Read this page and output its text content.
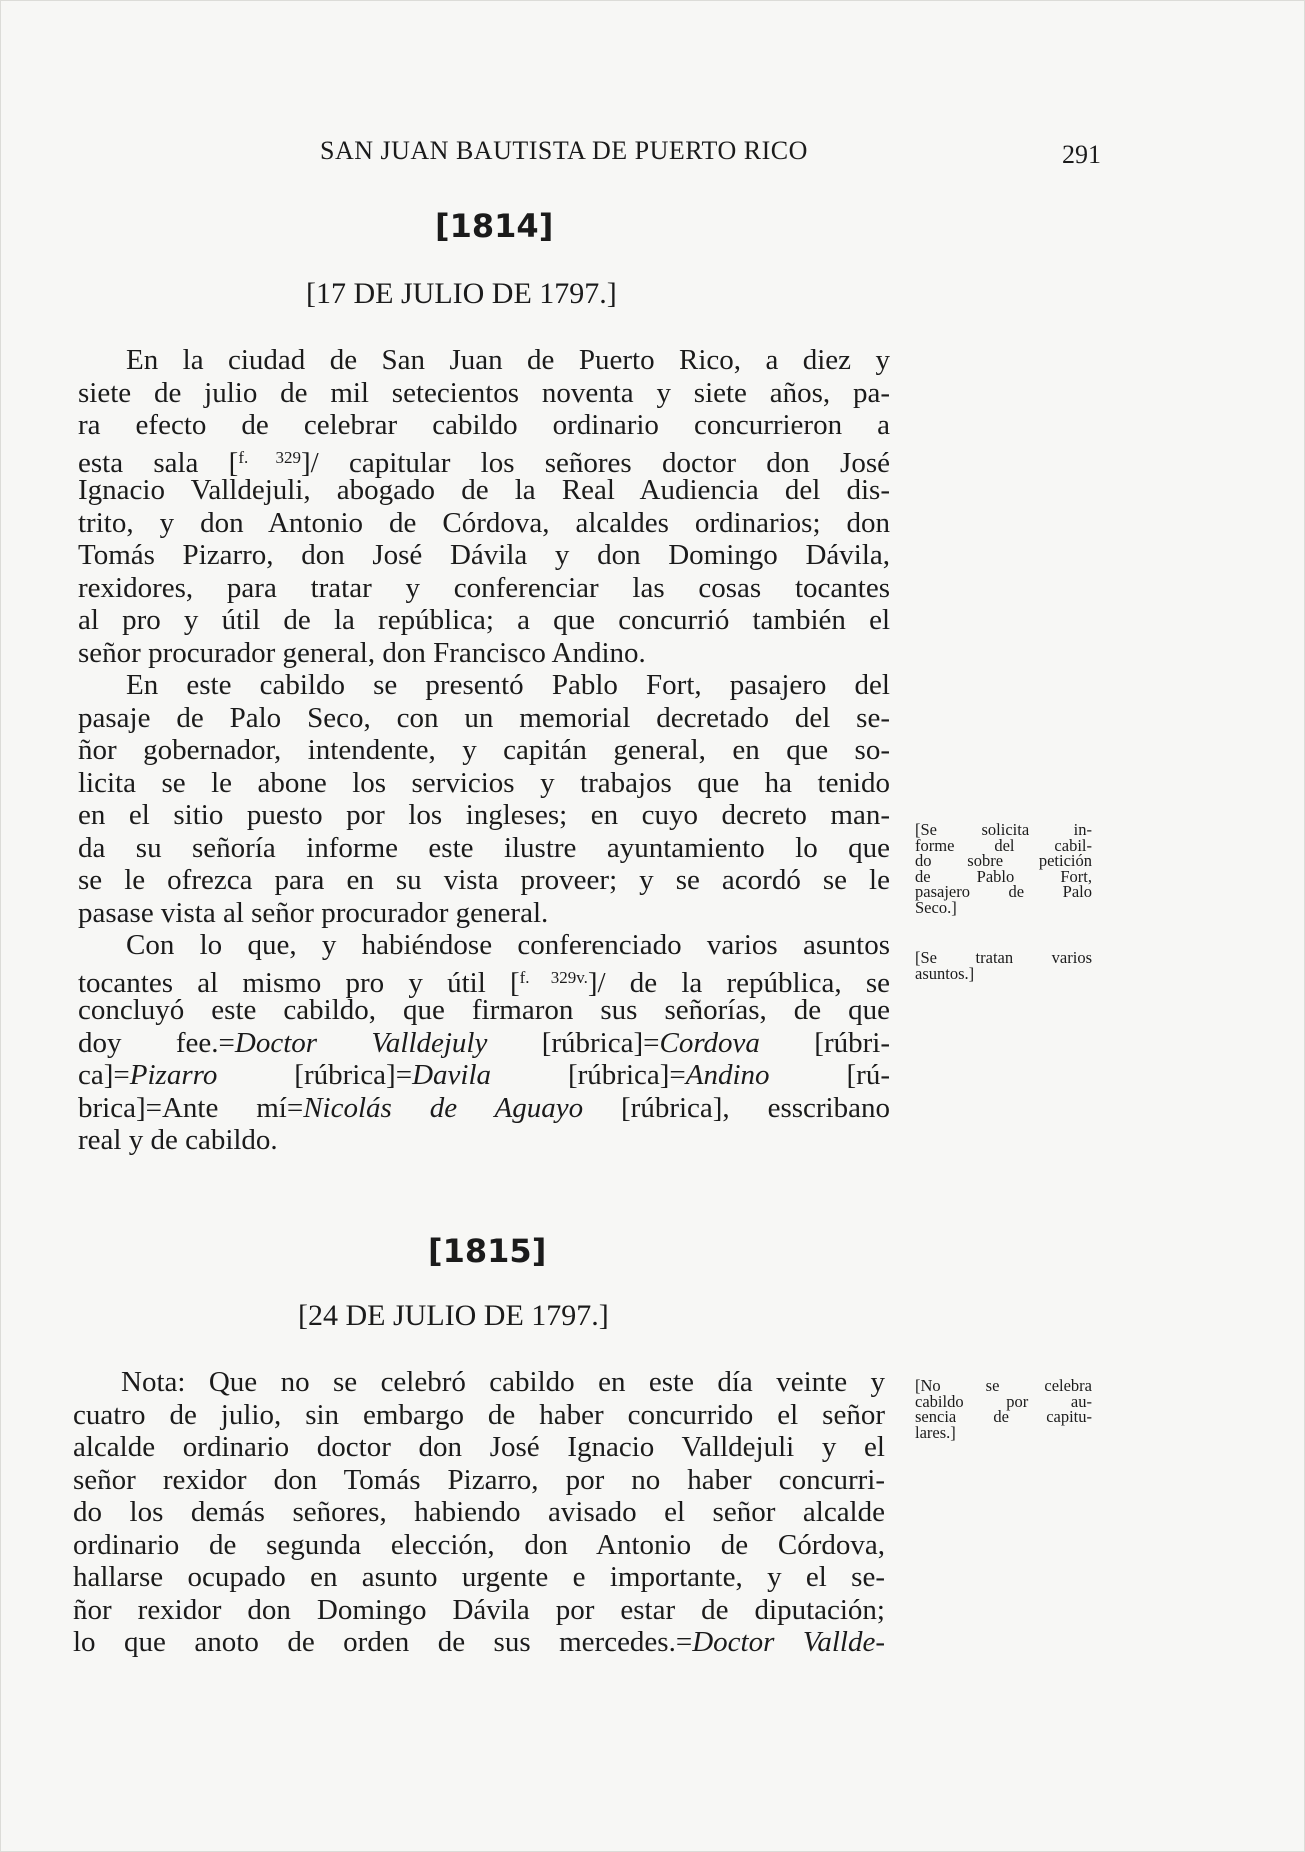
SAN JUAN BAUTISTA DE PUERTO RICO	291
[1814]
[17 DE JULIO DE 1797.]
En la ciudad de San Juan de Puerto Rico, a diez y
siete de julio de mil setecientos noventa y siete años, pa-
ra efecto de celebrar cabildo ordinario concurrieron a
esta sala [$^{f. 329}$]/ capitular los señores doctor don José
Ignacio Valldejuli, abogado de la Real Audiencia del dis-
trito, y don Antonio de Córdova, alcaldes ordinarios; don
Tomás Pizarro, don José Dávila y don Domingo Dávila,
rexidores, para tratar y conferenciar las cosas tocantes
al pro y útil de la república; a que concurrió también el
señor procurador general, don Francisco Andino.
En este cabildo se presentó Pablo Fort, pasajero del
pasaje de Palo Seco, con un memorial decretado del se-
ñor gobernador, intendente, y capitán general, en que so-
licita se le abone los servicios y trabajos que ha tenido
en el sitio puesto por los ingleses; en cuyo decreto man-
da su señoría informe este ilustre ayuntamiento lo que
se le ofrezca para en su vista proveer; y se acordó se le
pasase vista al señor procurador general.
Con lo que, y habiéndose conferenciado varios asuntos
tocantes al mismo pro y útil [$^{f. 329v.}$]/ de la república, se
concluyó este cabildo, que firmaron sus señorías, de que
doy fee.=Doctor Valldejuly [rúbrica]=Cordova [rúbri-
ca]=Pizarro [rúbrica]=Davila [rúbrica]=Andino [rú-
brica]=Ante mí=Nicolás de Aguayo [rúbrica], esscribano
real y de cabildo.
[Se solicita in-
forme del cabil-
do sobre petición
de Pablo Fort,
pasajero de Palo
Seco.]
[Se tratan varios
asuntos.]
[1815]
[24 DE JULIO DE 1797.]
Nota: Que no se celebró cabildo en este día veinte y
cuatro de julio, sin embargo de haber concurrido el señor
alcalde ordinario doctor don José Ignacio Valldejuli y el
señor rexidor don Tomás Pizarro, por no haber concurri-
do los demás señores, habiendo avisado el señor alcalde
ordinario de segunda elección, don Antonio de Córdova,
hallarse ocupado en asunto urgente e importante, y el se-
ñor rexidor don Domingo Dávila por estar de diputación;
lo que anoto de orden de sus mercedes.=Doctor Vallde-
[No se celebra
cabildo por au-
sencia de capitu-
lares.]
